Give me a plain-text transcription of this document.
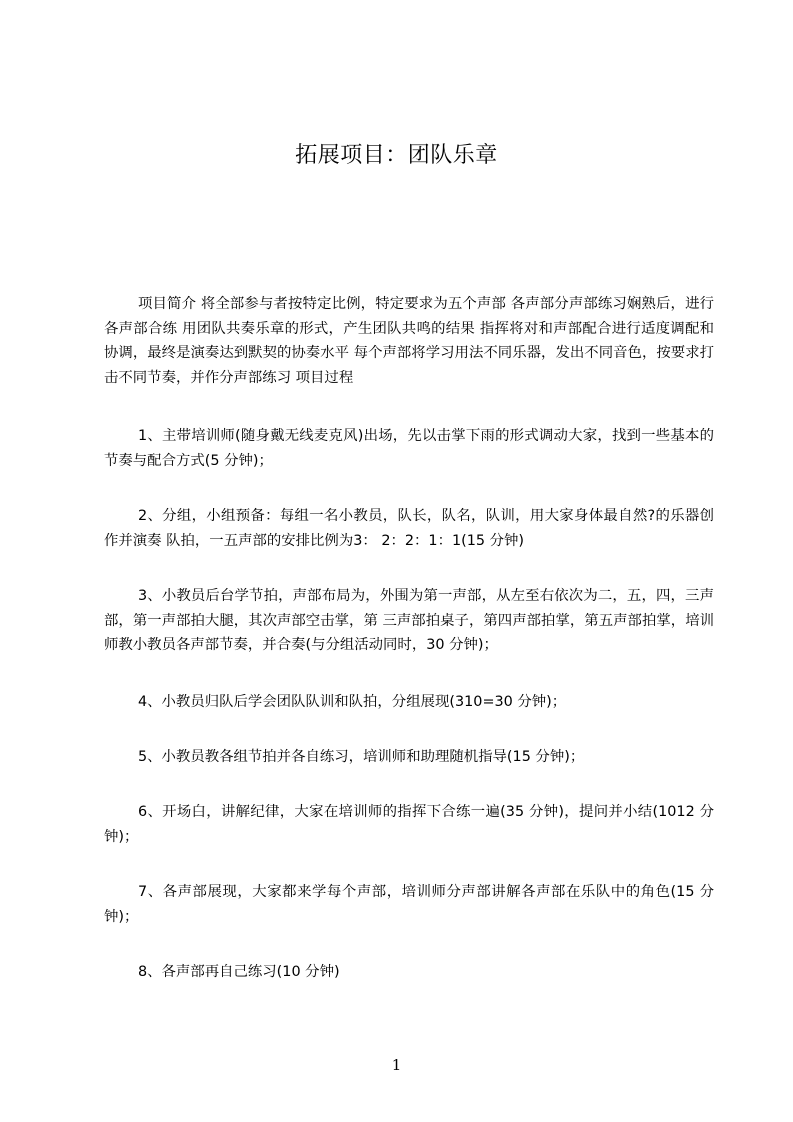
拓展项目：团队乐章

项目简介 将全部参与者按特定比例，特定要求为五个声部 各声部分声部练习娴熟后，进行各声部合练 用团队共奏乐章的形式，产生团队共鸣的结果 指挥将对和声部配合进行适度调配和协调，最终是演奏达到默契的协奏水平 每个声部将学习用法不同乐器，发出不同音色，按要求打击不同节奏，并作分声部练习 项目过程

1、主带培训师(随身戴无线麦克风)出场，先以击掌下雨的形式调动大家，找到一些基本的节奏与配合方式(5 分钟)；

2、分组，小组预备：每组一名小教员，队长，队名，队训，用大家身体最自然?的乐器创作并演奏 队拍，一五声部的安排比例为3： 2：2：1：1(15 分钟)

3、小教员后台学节拍，声部布局为，外围为第一声部，从左至右依次为二，五，四，三声部，第一声部拍大腿，其次声部空击掌，第 三声部拍桌子，第四声部拍掌，第五声部拍掌，培训师教小教员各声部节奏，并合奏(与分组活动同时，30 分钟)；

4、小教员归队后学会团队队训和队拍，分组展现(310=30 分钟)；

5、小教员教各组节拍并各自练习，培训师和助理随机指导(15 分钟)；

6、开场白，讲解纪律，大家在培训师的指挥下合练一遍(35 分钟)，提问并小结(1012 分钟)；

7、各声部展现，大家都来学每个声部，培训师分声部讲解各声部在乐队中的角色(15 分钟)；

8、各声部再自己练习(10 分钟)

1
